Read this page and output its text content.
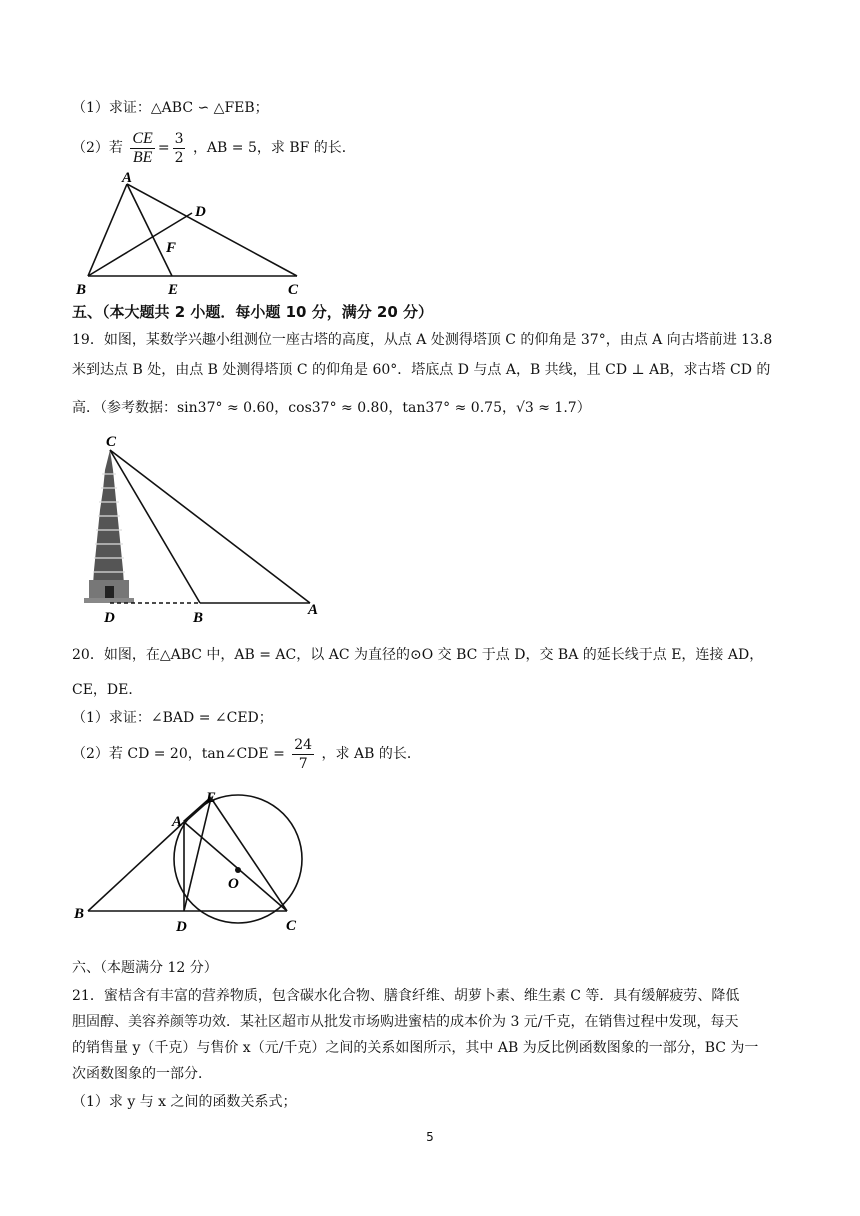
（1）求证：△ABC ∽ △FEB；
（2）若 $\frac{CE}{BE} = \frac{3}{2}$ ，AB = 5，求 BF 的长．
A
B	E	C
D
F
五、（本大题共 2 小题．每小题 10 分，满分 20 分）
19．如图，某数学兴趣小组测位一座古塔的高度，从点 A 处测得塔顶 C 的仰角是 37°，由点 A 向古塔前进 13.8
米到达点 B 处，由点 B 处测得塔顶 C 的仰角是 60°．塔底点 D 与点 A，B 共线，且 CD ⊥ AB，求古塔 CD 的
高．（参考数据：sin37° ≈ 0.60，cos37° ≈ 0.80，tan37° ≈ 0.75，√3 ≈ 1.7）
C
D	B	A
20．如图，在△ABC 中，AB = AC，以 AC 为直径的⊙O 交 BC 于点 D，交 BA 的延长线于点 E，连接 AD，
CE，DE．
（1）求证：∠BAD = ∠CED；
（2）若 CD = 20，tan∠CDE = $\frac{24}{7}$ ，求 AB 的长．
E
A
O
B
D	C
六、（本题满分 12 分）
21．蜜桔含有丰富的营养物质，包含碳水化合物、膳食纤维、胡萝卜素、维生素 C 等．具有缓解疲劳、降低
胆固醇、美容养颜等功效．某社区超市从批发市场购进蜜桔的成本价为 3 元/千克，在销售过程中发现，每天
的销售量 y（千克）与售价 x（元/千克）之间的关系如图所示，其中 AB 为反比例函数图象的一部分，BC 为一
次函数图象的一部分．
（1）求 y 与 x 之间的函数关系式；
5
